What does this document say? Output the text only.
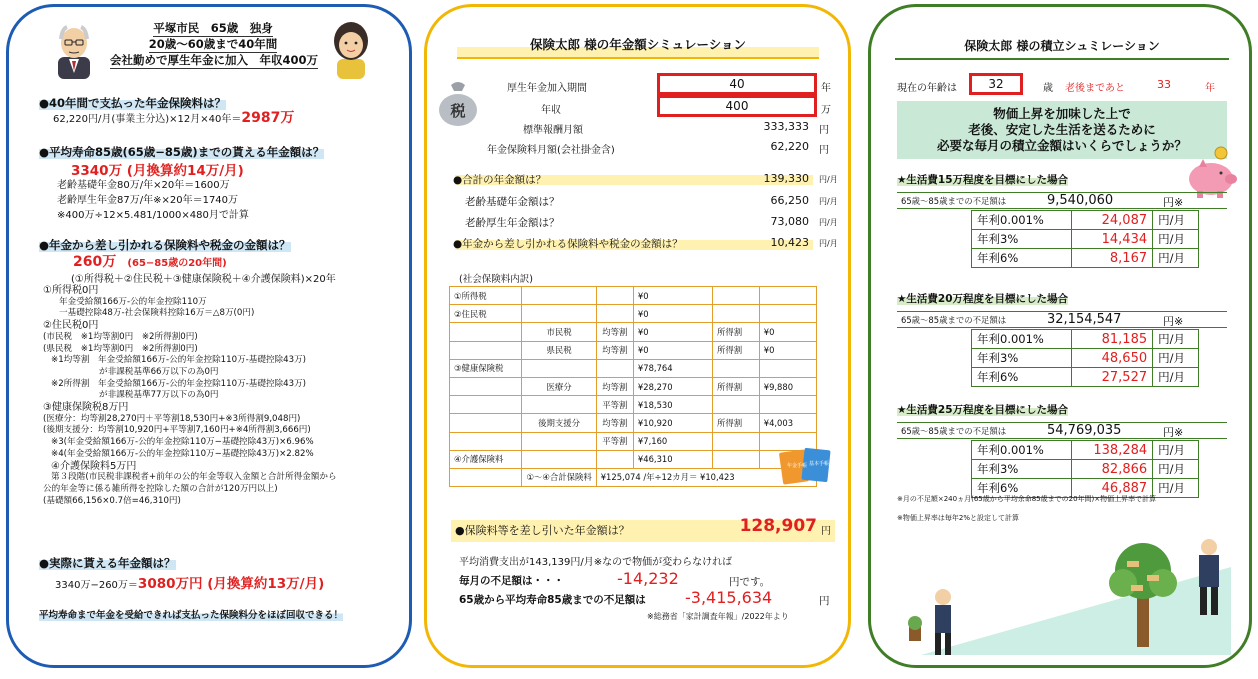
平塚市民　65歳　独身
20歳〜60歳まで40年間
会社勤めで厚生年金に加入　年収400万
●40年間で支払った年金保険料は？
62,220円/月(事業主分込)×12月×40年＝2987万
●平均寿命85歳(65歳−85歳)までの貰える年金額は？
3340万 (月換算約14万/月)
老齢基礎年金80万/年×20年＝1600万
老齢厚生年金87万/年※×20年＝1740万
※400万÷12×5.481/1000×480月で計算
●年金から差し引かれる保険料や税金の金額は？
260万 (65−85歳の20年間)
(①所得税＋②住民税＋③健康保険税＋④介護保険料)×20年
①所得税0円
年金受給額166万-公的年金控除110万
一基礎控除48万-社会保険料控除16万＝△8万(0円)
②住民税0円
(市民税　※1均等割0円　※2所得割0円)
(県民税　※1均等割0円　※2所得割0円)
※1均等割　年金受給額166万-公的年金控除110万-基礎控除43万)
が非課税基準66万以下の為0円
※2所得割　年金受給額166万-公的年金控除110万-基礎控除43万)
が非課税基準77万以下の為0円
③健康保険税8万円
(医療分：均等割28,270円＋平等割18,530円+※3所得割9,048円)
(後期支援分：均等割10,920円+平等割7,160円+※4所得割3,666円)
※3(年金受給額166万-公的年金控除110万−基礎控除43万)×6.96%
※4(年金受給額166万-公的年金控除110万−基礎控除43万)×2.82%
④介護保険料5万円
第３段階(市民税非課税者+前年の公的年金等収入金額と合計所得金額から
公的年金等に係る雑所得を控除した額の合計が120万円以上)
(基礎額66,156×0.7倍=46,310円)
●実際に貰える年金額は？
3340万−260万＝3080万円 (月換算約13万/月)
平均寿命まで年金を受給できれば支払った保険料分をほぼ回収できる！
保険太郎 様の年金額シミュレーション
税
厚生年金加入期間	40	年
年収	400	万
標準報酬月額	333,333 円
年金保険料月額(会社掛金含)	62,220 円
●合計の年金額は？	139,330 円/月
老齢基礎年金額は？	66,250 円/月
老齢厚生年金額は？	73,080 円/月
●年金から差し引かれる保険料や税金の金額は？	10,423 円/月
(社会保険料内訳)
①所得税			¥0		
②住民税			¥0		
	市民税	均等割	¥0	所得割	¥0
	県民税	均等割	¥0	所得割	¥0
③健康保険税			¥78,764		
	医療分	均等割	¥28,270	所得割	¥9,880
		平等割	¥18,530		
	後期支援分	均等割	¥10,920	所得割	¥4,003
		平等割	¥7,160		
④介護保険料			¥46,310		
	①〜④合計保険料	¥125,074 /年÷12カ月＝ ¥10,423			
年金手帳 基本手帳
●保険料等を差し引いた年金額は？	128,907 円
平均消費支出が143,139円/月※なので物価が変わらなければ
毎月の不足額は・・・	-14,232	円です。
65歳から平均寿命85歳までの不足額は -3,415,634	円
※総務省「家計調査年報」/2022年より
保険太郎 様の積立シュミレーション
現在の年齢は	32	歳 老後まであと	33	年
物価上昇を加味した上で
老後、安定した生活を送るために
必要な毎月の積立金額はいくらでしょうか？
★生活費15万程度を目標にした場合
65歳〜85歳までの不足額は	9,540,060	円※
年利0.001%	24,087	円/月
年利3%	14,434	円/月
年利6%	8,167	円/月
★生活費20万程度を目標にした場合
65歳〜85歳までの不足額は	32,154,547	円※
年利0.001%	81,185	円/月
年利3%	48,650	円/月
年利6%	27,527	円/月
★生活費25万程度を目標にした場合
65歳〜85歳までの不足額は	54,769,035	円※
年利0.001%	138,284	円/月
年利3%	82,866	円/月
年利6%	46,887	円/月
※月の不足額×240ヵ月(65歳から平均余命85歳までの20年間)×物価上昇率で計算
※物価上昇率は毎年2%と設定して計算
